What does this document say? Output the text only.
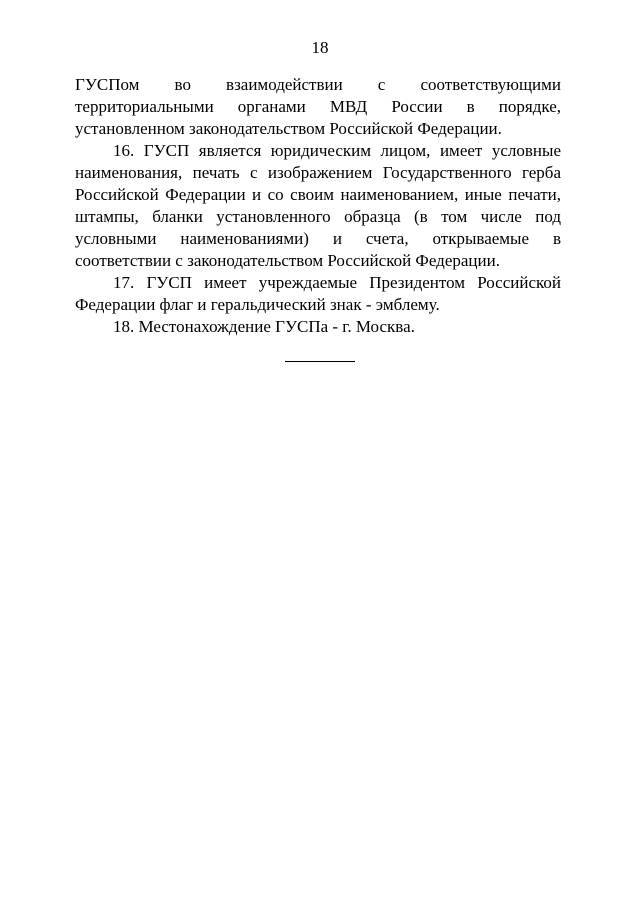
18

ГУСПом во взаимодействии с соответствующими территориальными органами МВД России в порядке, установленном законодательством Российской Федерации.

16. ГУСП является юридическим лицом, имеет условные наименования, печать с изображением Государственного герба Российской Федерации и со своим наименованием, иные печати, штампы, бланки установленного образца (в том числе под условными наименованиями) и счета, открываемые в соответствии с законодательством Российской Федерации.

17. ГУСП имеет учреждаемые Президентом Российской Федерации флаг и геральдический знак - эмблему.

18. Местонахождение ГУСПа - г. Москва.
